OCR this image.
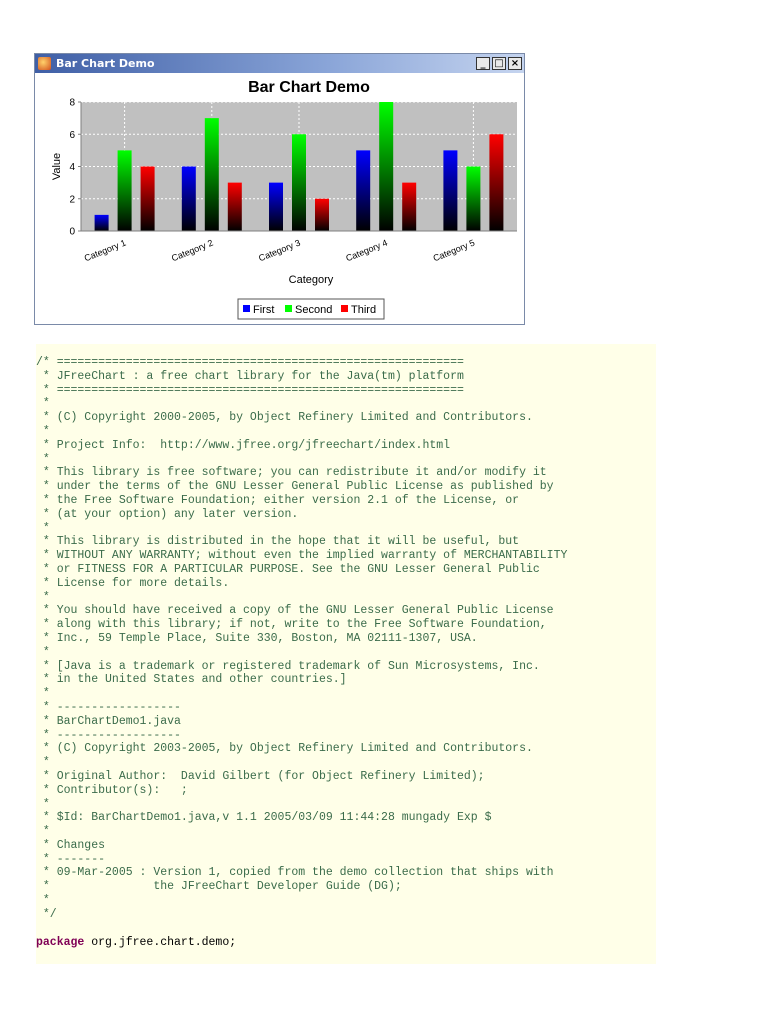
Bar Chart Demo	_ □ ×
Bar Chart Demo
0
2
4
6
8
Value
Category 1	Category 2	Category 3	Category 4	Category 5
Category
First Second Third
/* ===========================================================
* JFreeChart : a free chart library for the Java(tm) platform
* ===========================================================
*
* (C) Copyright 2000-2005, by Object Refinery Limited and Contributors.
*
* Project Info:  http://www.jfree.org/jfreechart/index.html
*
* This library is free software; you can redistribute it and/or modify it
* under the terms of the GNU Lesser General Public License as published by
* the Free Software Foundation; either version 2.1 of the License, or
* (at your option) any later version.
*
* This library is distributed in the hope that it will be useful, but
* WITHOUT ANY WARRANTY; without even the implied warranty of MERCHANTABILITY
* or FITNESS FOR A PARTICULAR PURPOSE. See the GNU Lesser General Public
* License for more details.
*
* You should have received a copy of the GNU Lesser General Public License
* along with this library; if not, write to the Free Software Foundation,
* Inc., 59 Temple Place, Suite 330, Boston, MA 02111-1307, USA.
*
* [Java is a trademark or registered trademark of Sun Microsystems, Inc.
* in the United States and other countries.]
*
* ------------------
* BarChartDemo1.java
* ------------------
* (C) Copyright 2003-2005, by Object Refinery Limited and Contributors.
*
* Original Author:  David Gilbert (for Object Refinery Limited);
* Contributor(s):   ;
*
* $Id: BarChartDemo1.java,v 1.1 2005/03/09 11:44:28 mungady Exp $
*
* Changes
* -------
* 09-Mar-2005 : Version 1, copied from the demo collection that ships with
*               the JFreeChart Developer Guide (DG);
*
*/
package org.jfree.chart.demo;
